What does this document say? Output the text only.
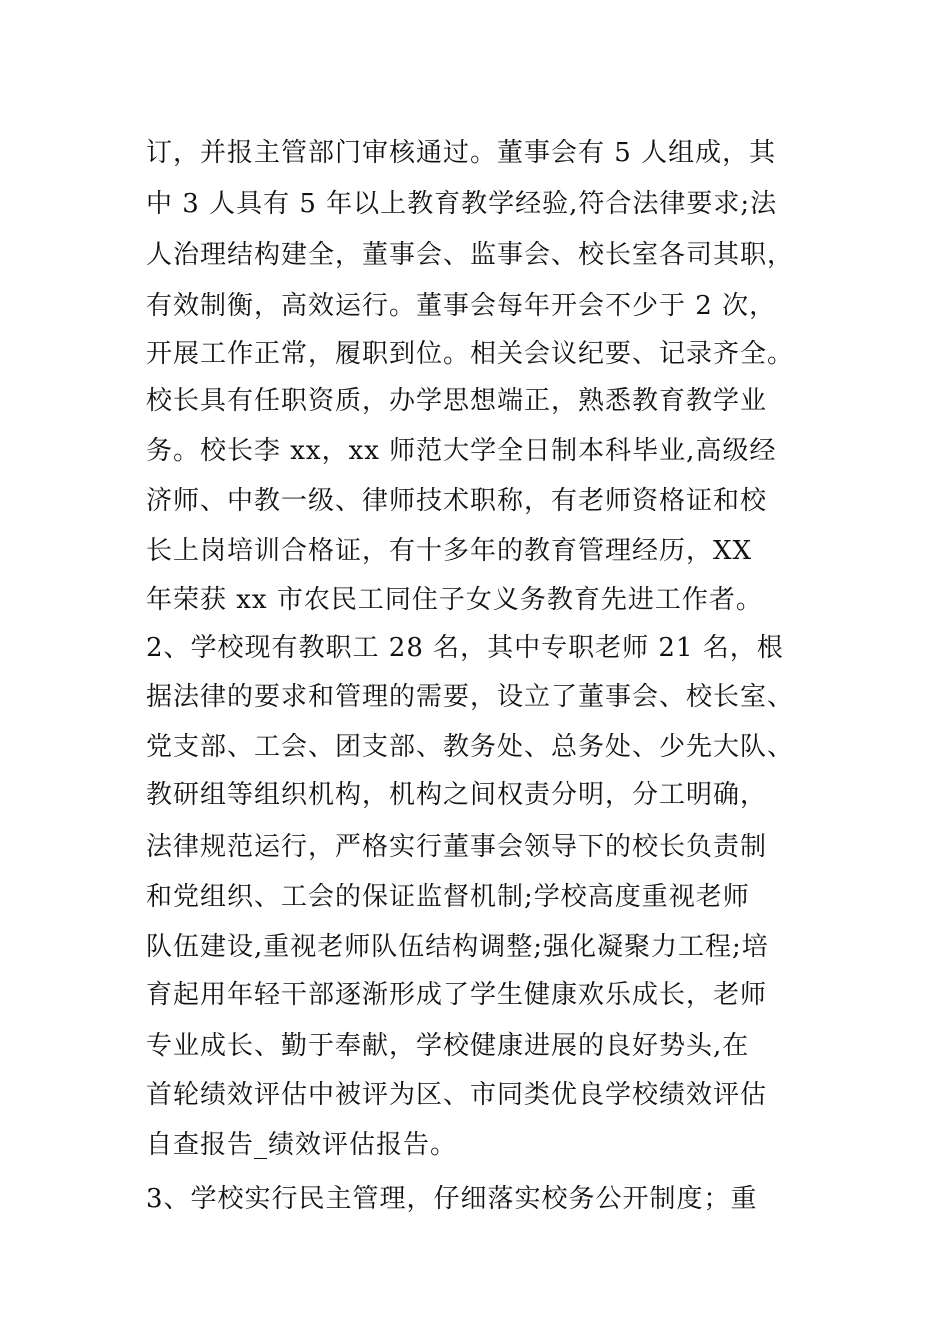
订，并报主管部门审核通过。董事会有 5 人组成，其
中 3 人具有 5 年以上教育教学经验,符合法律要求;法
人治理结构建全，董事会、监事会、校长室各司其职，
有效制衡，高效运行。董事会每年开会不少于 2 次，
开展工作正常，履职到位。相关会议纪要、记录齐全。
校长具有任职资质，办学思想端正，熟悉教育教学业
务。校长李 xx，xx 师范大学全日制本科毕业,高级经
济师、中教一级、律师技术职称，有老师资格证和校
长上岗培训合格证，有十多年的教育管理经历，XX
年荣获 xx 市农民工同住子女义务教育先进工作者。
2、学校现有教职工 28 名，其中专职老师 21 名，根
据法律的要求和管理的需要，设立了董事会、校长室、
党支部、工会、团支部、教务处、总务处、少先大队、
教研组等组织机构，机构之间权责分明，分工明确，
法律规范运行，严格实行董事会领导下的校长负责制
和党组织、工会的保证监督机制;学校高度重视老师
队伍建设,重视老师队伍结构调整;强化凝聚力工程;培
育起用年轻干部逐渐形成了学生健康欢乐成长，老师
专业成长、勤于奉献，学校健康进展的良好势头,在
首轮绩效评估中被评为区、市同类优良学校绩效评估
自查报告_绩效评估报告。
3、学校实行民主管理，仔细落实校务公开制度；重
